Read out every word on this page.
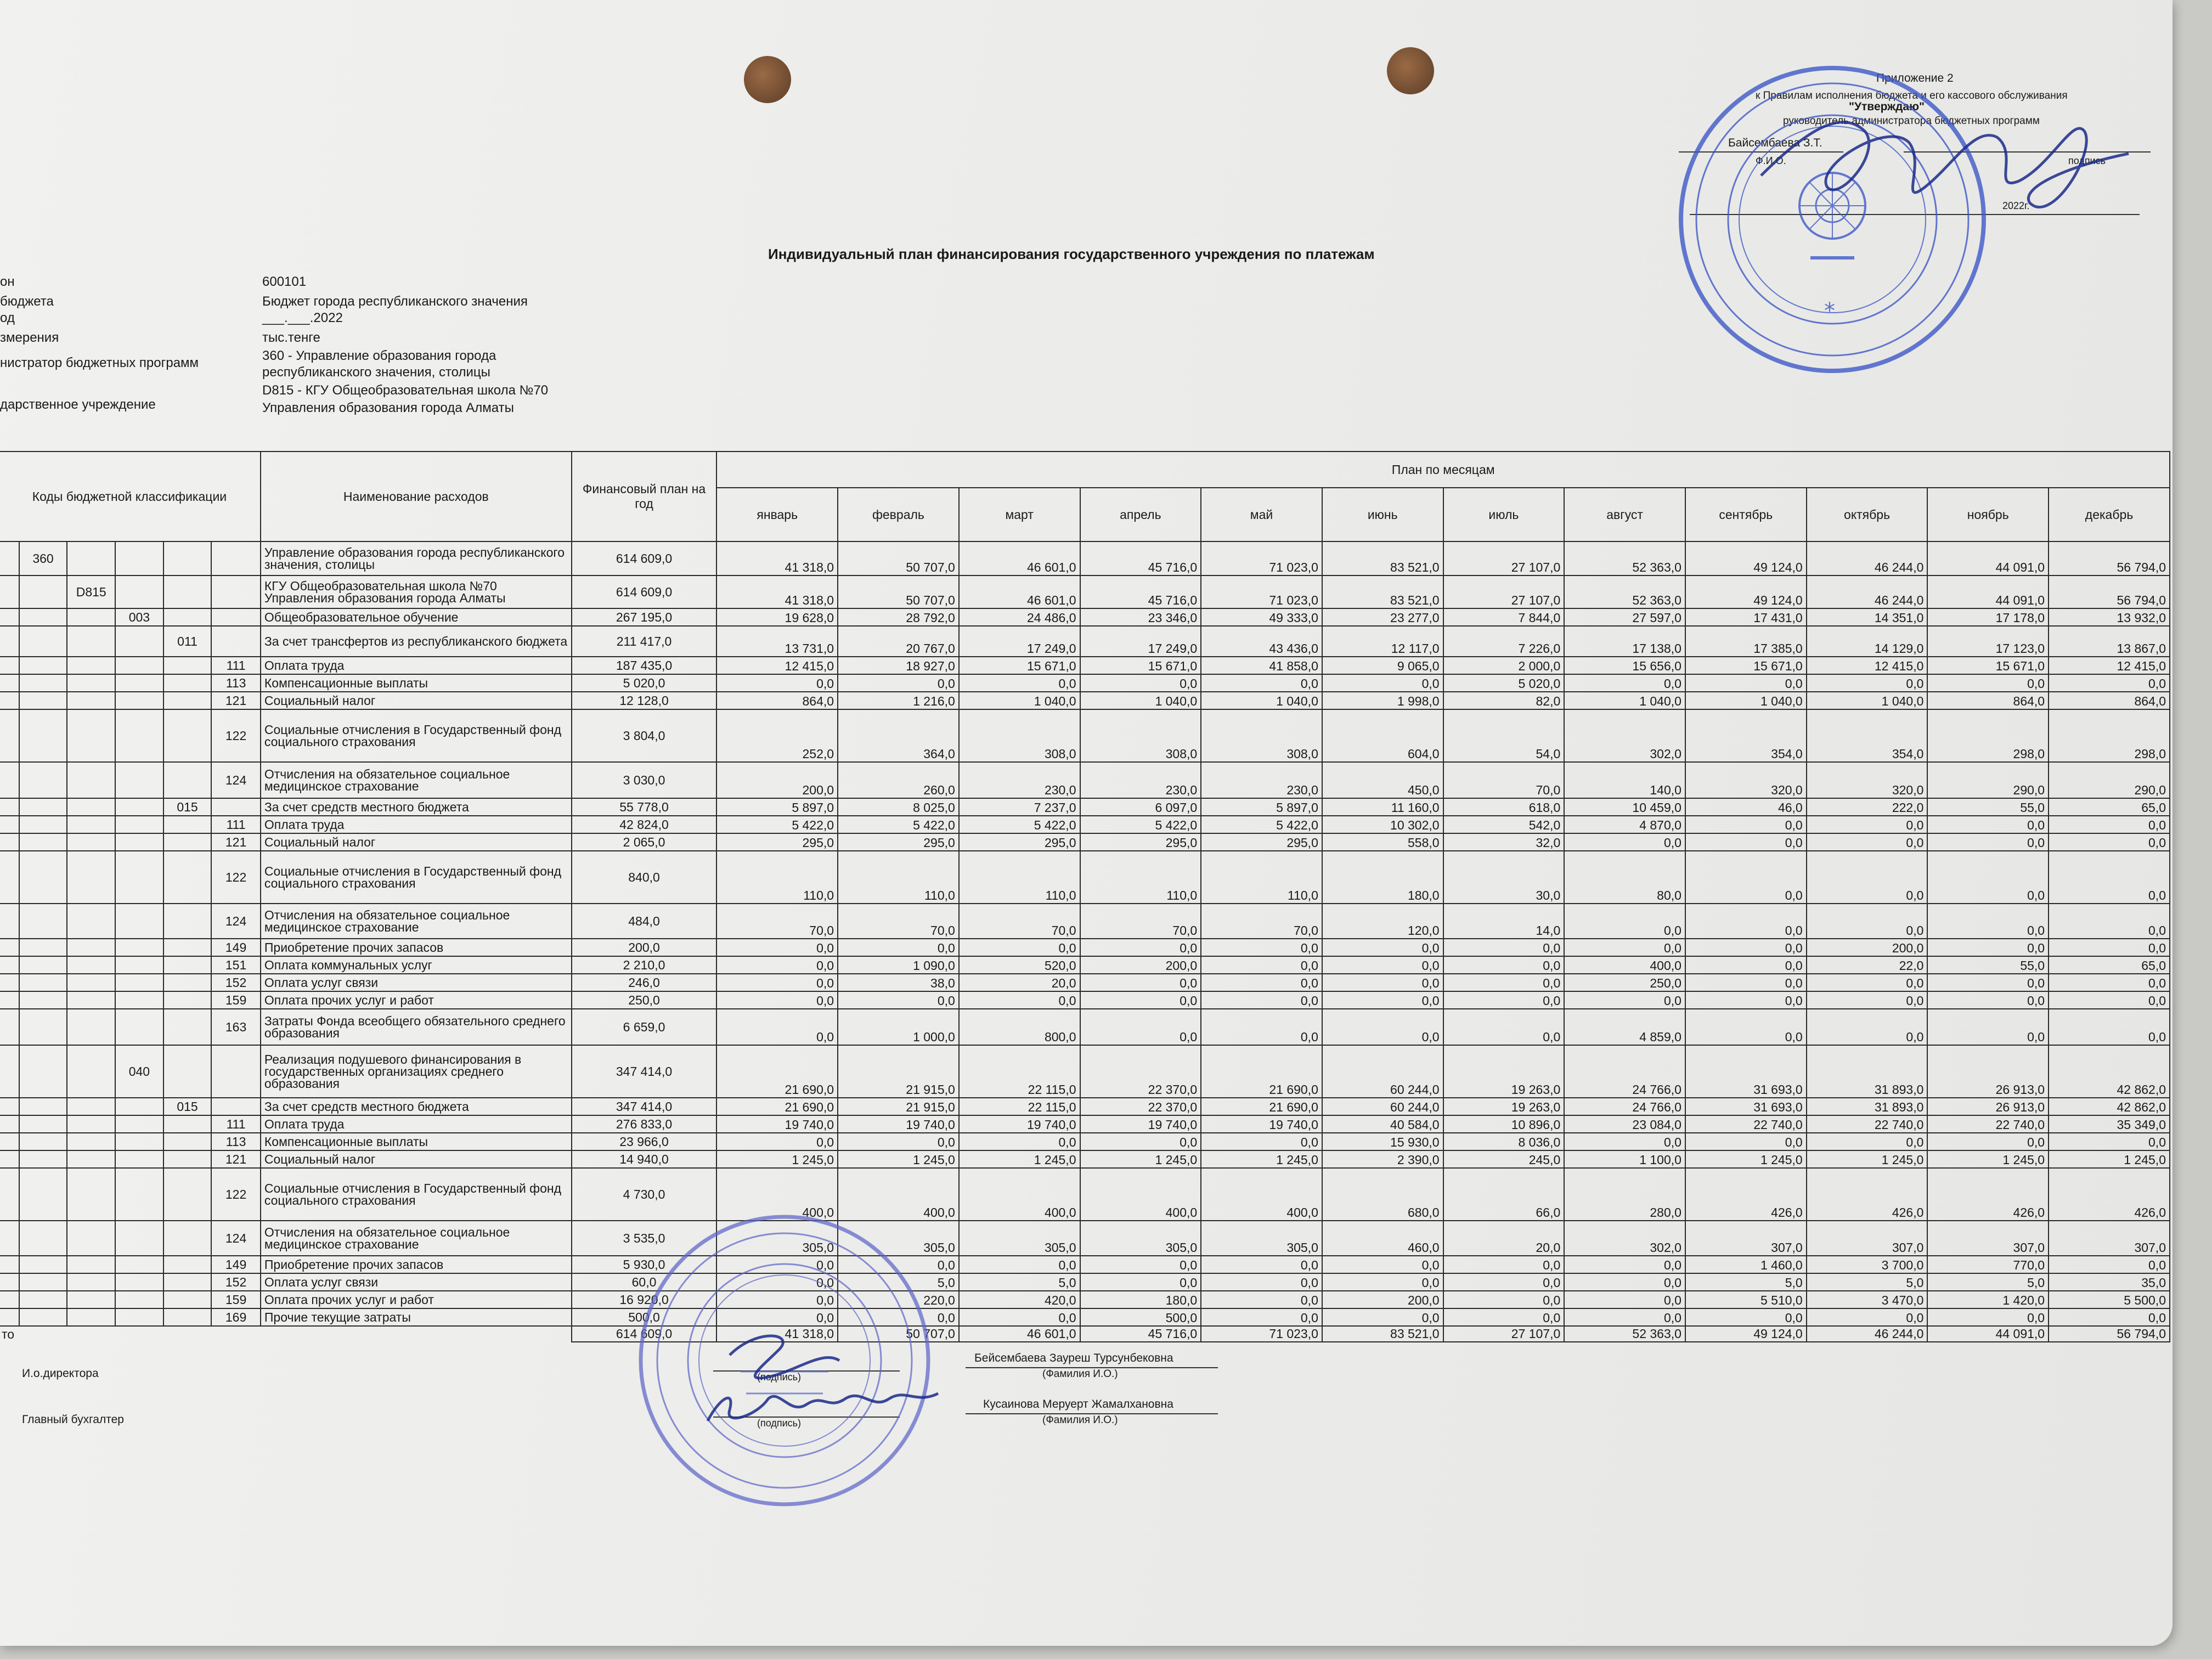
Приложение 2
к Правилам исполнения бюджета и его кассового обслуживания
"Утверждаю"
руководитель администратора бюджетных программ
Байсембаева З.Т.
Ф.И.О.	подпись
2022г.
*
Индивидуальный план финансирования государственного учреждения по платежам
он	600101
бюджета	Бюджет города республиканского значения
од	___.___.2022
змерения	тыс.тенге
нистратор бюджетных программ	360 - Управление образования города республиканского значения, столицы
дарственное учреждение
D815 - КГУ Общеобразовательная школа №70 Управления образования города Алматы
Коды бюджетной классификации						Наименование расходов	Финансовый план на год	План по месяцам											
								январь	февраль	март	апрель	май	июнь	июль	август	сентябрь	октябрь	ноябрь	декабрь
	360					Управление образования города республиканского значения, столицы	614 609,0	41 318,0	50 707,0	46 601,0	45 716,0	71 023,0	83 521,0	27 107,0	52 363,0	49 124,0	46 244,0	44 091,0	56 794,0
		D815				КГУ Общеобразовательная школа №70 Управления образования города Алматы	614 609,0	41 318,0	50 707,0	46 601,0	45 716,0	71 023,0	83 521,0	27 107,0	52 363,0	49 124,0	46 244,0	44 091,0	56 794,0
			003			Общеобразовательное обучение	267 195,0	19 628,0	28 792,0	24 486,0	23 346,0	49 333,0	23 277,0	7 844,0	27 597,0	17 431,0	14 351,0	17 178,0	13 932,0
				011		За счет трансфертов из республиканского бюджета	211 417,0	13 731,0	20 767,0	17 249,0	17 249,0	43 436,0	12 117,0	7 226,0	17 138,0	17 385,0	14 129,0	17 123,0	13 867,0
					111	Оплата труда	187 435,0	12 415,0	18 927,0	15 671,0	15 671,0	41 858,0	9 065,0	2 000,0	15 656,0	15 671,0	12 415,0	15 671,0	12 415,0
					113	Компенсационные выплаты	5 020,0	0,0	0,0	0,0	0,0	0,0	0,0	5 020,0	0,0	0,0	0,0	0,0	0,0
					121	Социальный налог	12 128,0	864,0	1 216,0	1 040,0	1 040,0	1 040,0	1 998,0	82,0	1 040,0	1 040,0	1 040,0	864,0	864,0
					122	Социальные отчисления в Государственный фонд социального страхования	3 804,0	252,0	364,0	308,0	308,0	308,0	604,0	54,0	302,0	354,0	354,0	298,0	298,0
					124	Отчисления на обязательное социальное медицинское страхование	3 030,0	200,0	260,0	230,0	230,0	230,0	450,0	70,0	140,0	320,0	320,0	290,0	290,0
				015		За счет средств местного бюджета	55 778,0	5 897,0	8 025,0	7 237,0	6 097,0	5 897,0	11 160,0	618,0	10 459,0	46,0	222,0	55,0	65,0
					111	Оплата труда	42 824,0	5 422,0	5 422,0	5 422,0	5 422,0	5 422,0	10 302,0	542,0	4 870,0	0,0	0,0	0,0	0,0
					121	Социальный налог	2 065,0	295,0	295,0	295,0	295,0	295,0	558,0	32,0	0,0	0,0	0,0	0,0	0,0
					122	Социальные отчисления в Государственный фонд социального страхования	840,0	110,0	110,0	110,0	110,0	110,0	180,0	30,0	80,0	0,0	0,0	0,0	0,0
					124	Отчисления на обязательное социальное медицинское страхование	484,0	70,0	70,0	70,0	70,0	70,0	120,0	14,0	0,0	0,0	0,0	0,0	0,0
					149	Приобретение прочих запасов	200,0	0,0	0,0	0,0	0,0	0,0	0,0	0,0	0,0	0,0	200,0	0,0	0,0
					151	Оплата коммунальных услуг	2 210,0	0,0	1 090,0	520,0	200,0	0,0	0,0	0,0	400,0	0,0	22,0	55,0	65,0
					152	Оплата услуг связи	246,0	0,0	38,0	20,0	0,0	0,0	0,0	0,0	250,0	0,0	0,0	0,0	0,0
					159	Оплата прочих услуг и работ	250,0	0,0	0,0	0,0	0,0	0,0	0,0	0,0	0,0	0,0	0,0	0,0	0,0
					163	Затраты Фонда всеобщего обязательного среднего образования	6 659,0	0,0	1 000,0	800,0	0,0	0,0	0,0	0,0	4 859,0	0,0	0,0	0,0	0,0
			040			Реализация подушевого финансирования в государственных организациях среднего образования	347 414,0	21 690,0	21 915,0	22 115,0	22 370,0	21 690,0	60 244,0	19 263,0	24 766,0	31 693,0	31 893,0	26 913,0	42 862,0
				015		За счет средств местного бюджета	347 414,0	21 690,0	21 915,0	22 115,0	22 370,0	21 690,0	60 244,0	19 263,0	24 766,0	31 693,0	31 893,0	26 913,0	42 862,0
					111	Оплата труда	276 833,0	19 740,0	19 740,0	19 740,0	19 740,0	19 740,0	40 584,0	10 896,0	23 084,0	22 740,0	22 740,0	22 740,0	35 349,0
					113	Компенсационные выплаты	23 966,0	0,0	0,0	0,0	0,0	0,0	15 930,0	8 036,0	0,0	0,0	0,0	0,0	0,0
					121	Социальный налог	14 940,0	1 245,0	1 245,0	1 245,0	1 245,0	1 245,0	2 390,0	245,0	1 100,0	1 245,0	1 245,0	1 245,0	1 245,0
					122	Социальные отчисления в Государственный фонд социального страхования	4 730,0	400,0	400,0	400,0	400,0	400,0	680,0	66,0	280,0	426,0	426,0	426,0	426,0
					124	Отчисления на обязательное социальное медицинское страхование	3 535,0	305,0	305,0	305,0	305,0	305,0	460,0	20,0	302,0	307,0	307,0	307,0	307,0
					149	Приобретение прочих запасов	5 930,0	0,0	0,0	0,0	0,0	0,0	0,0	0,0	0,0	1 460,0	3 700,0	770,0	0,0
					152	Оплата услуг связи	60,0	0,0	5,0	5,0	0,0	0,0	0,0	0,0	0,0	5,0	5,0	5,0	35,0
					159	Оплата прочих услуг и работ	16 920,0	0,0	220,0	420,0	180,0	0,0	200,0	0,0	0,0	5 510,0	3 470,0	1 420,0	5 500,0
					169	Прочие текущие затраты	500,0	0,0	0,0	0,0	500,0	0,0	0,0	0,0	0,0	0,0	0,0	0,0	0,0
то							614 609,0	41 318,0	50 707,0	46 601,0	45 716,0	71 023,0	83 521,0	27 107,0	52 363,0	49 124,0	46 244,0	44 091,0	56 794,0
И.о.директора
Главный бухгалтер
(подпись)
Бейсембаева Зауреш Турсунбековна
(Фамилия И.О.)
(подпись)
Кусаинова Меруерт Жамалхановна
(Фамилия И.О.)
